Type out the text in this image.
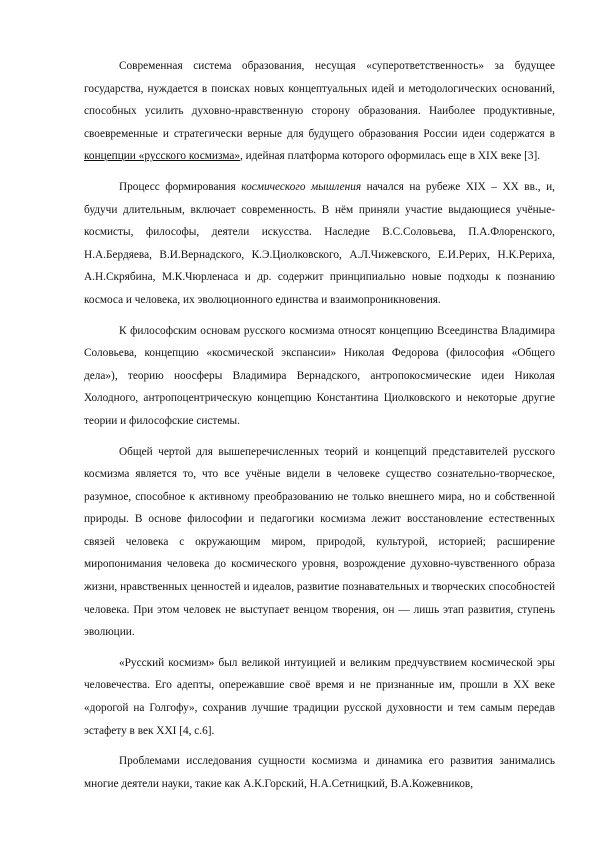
Современная система образования, несущая «суперответственность» за будущее государства, нуждается в поисках новых концептуальных идей и методологических оснований, способных усилить духовно-нравственную сторону образования. Наиболее продуктивные, своевременные и стратегически верные для будущего образования России идеи содержатся в концепции «русского космизма», идейная платформа которого оформилась еще в XIX веке [3].

Процесс формирования космического мышления начался на рубеже XIX – XX вв., и, будучи длительным, включает современность. В нём приняли участие выдающиеся учёные-космисты, философы, деятели искусства. Наследие В.С.Соловьева, П.А.Флоренского, Н.А.Бердяева, В.И.Вернадского, К.Э.Циолковского, А.Л.Чижевского, Е.И.Рерих, Н.К.Рериха, А.Н.Скрябина, М.К.Чюрленаса и др. содержит принципиально новые подходы к познанию космоса и человека, их эволюционного единства и взаимопроникновения.

К философским основам русского космизма относят концепцию Всеединства Владимира Соловьева, концепцию «космической экспансии» Николая Федорова (философия «Общего дела»), теорию ноосферы Владимира Вернадского, антропокосмические идеи Николая Холодного, антропоцентрическую концепцию Константина Циолковского и некоторые другие теории и философские системы.

Общей чертой для вышеперечисленных теорий и концепций представителей русского космизма является то, что все учёные видели в человеке существо сознательно-творческое, разумное, способное к активному преобразованию не только внешнего мира, но и собственной природы. В основе философии и педагогики космизма лежит восстановление естественных связей человека с окружающим миром, природой, культурой, историей; расширение миропонимания человека до космического уровня, возрождение духовно-чувственного образа жизни, нравственных ценностей и идеалов, развитие познавательных и творческих способностей человека. При этом человек не выступает венцом творения, он — лишь этап развития, ступень эволюции.

«Русский космизм» был великой интуицией и великим предчувствием космической эры человечества. Его адепты, опережавшие своё время и не признанные им, прошли в XX веке «дорогой на Голгофу», сохранив лучшие традиции русской духовности и тем самым передав эстафету в век XXI [4, с.6].

Проблемами исследования сущности космизма и динамика его развития занимались многие деятели науки, такие как А.К.Горский, Н.А.Сетницкий, В.А.Кожевников,
